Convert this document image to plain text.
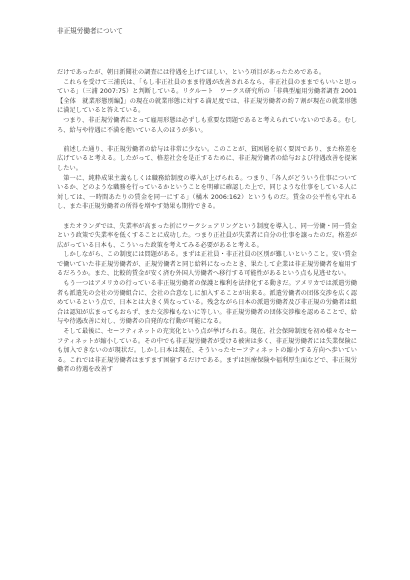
非正規労働者について

だけであったが、朝日新聞社の調査には待遇を上げてほしい、という項目があったためである。

これらを受けて三浦氏は、「もし非正社員のまま待遇が改善されるなら、非正社員のままでもいいと思っている」（三浦 2007:75）と判断している。リクルート　ワークス研究所の「非典型雇用労働者調査 2001【全体　就業形態別編】」の現在の就業形態に対する満足度では、非正規労働者の約７割が現在の就業形態に満足していると答えている。

つまり、非正規労働者にとって雇用形態は必ずしも重要な問題であると考えられていないのである。むしろ、給与や待遇に不満を抱いている人のほうが多い。

前述した通り、非正規労働者の給与は非常に少ない。このことが、貧困層を招く要因であり、また格差を広げていると考える。したがって、格差社会を是正するために、非正規労働者の給与および待遇改善を提案したい。

第一に、純粋成果主義もしくは職務給制度の導入が上げられる。つまり、「各人がどういう仕事についているか、どのような職務を行っているかということを明確に確認した上で、同じような仕事をしている人に対しては、一時間あたりの賃金を同一にする」（橘木 2006:162）というものだ。賃金の公平性も守れるし、また非正規労働者の所得を増やす効果も期待できる。

またオランダでは、失業率が高まった折にワークシェアリングという制度を導入し、同一労働・同一賃金という政策で失業率を低くすることに成功した。つまり正社員が失業者に自分の仕事を譲ったのだ。格差が広がっている日本も、こういった政策を考えてみる必要があると考える。

しかしながら、この制度には問題がある。まずは正社員・非正社員の区別が難しいということ。安い賃金で働いていた非正規労働者が、正規労働者と同じ給料になったとき、果たして企業は非正規労働者を雇用するだろうか。また、比較的賃金が安く済む外国人労働者へ移行する可能性があるという点も見逃せない。

もう一つはアメリカの行っている非正規労働者の保護と権利を法律化する動きだ。アメリカでは派遣労働者も派遣先の会社の労働組合に、会社の合意なしに加入することが出来る。派遣労働者の団体交渉を広く認めているという点で、日本とは大きく異なっている。残念ながら日本の派遣労働者及び非正規の労働者は組合は認知が広まってもおらず、また交渉権もないに等しい。非正規労働者の団体交渉権を認めることで、給与や待遇改善に対し、労働者の自発的な行動が可能になる。

そして最後に、セーフティネットの充実化という点が挙げられる。現在、社会保障制度を初め様々なセーフティネットが縮小している。その中でも非正規労働者が受ける被害は多く、非正規労働者には失業保険にも加入できないのが現状だ。しかし日本は現在、そういったセーフティネットの縮小する方向へ歩いている。これでは非正規労働者はますます困窮するだけである。まずは医療保険や福利厚生面などで、非正規労働者の待遇を改善す
